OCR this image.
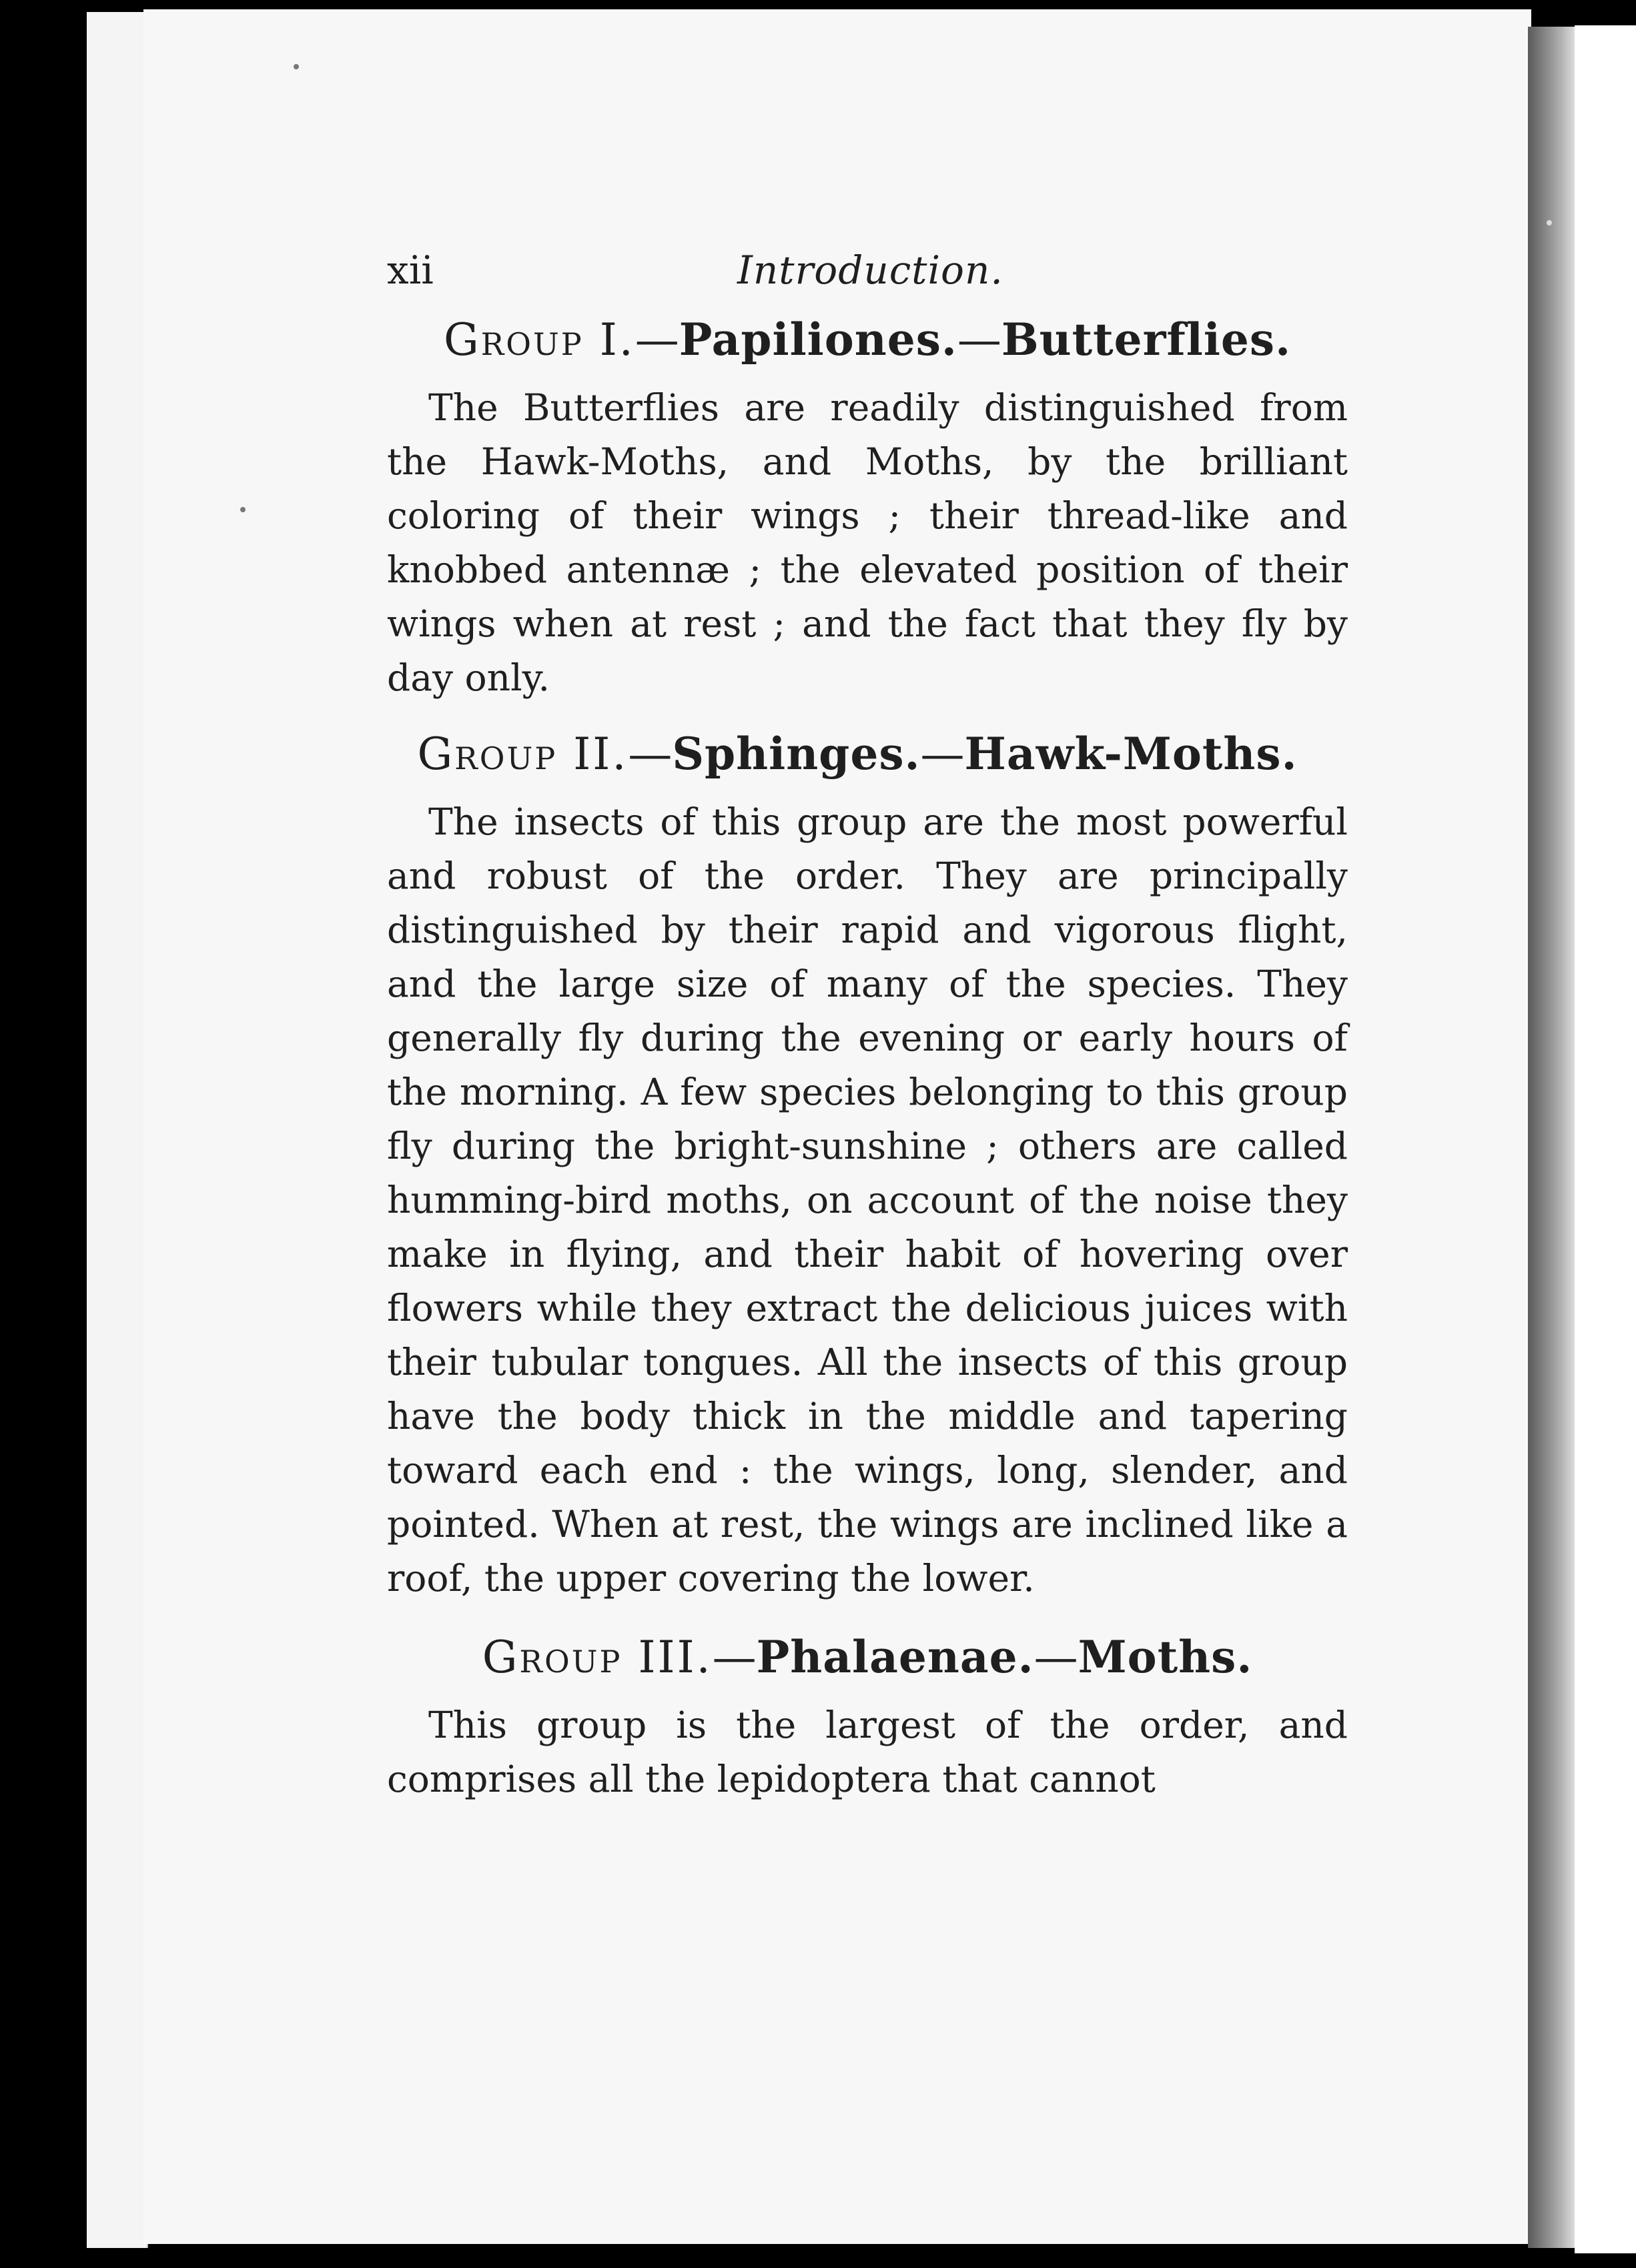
xii	Introduction.
Group I.—Papiliones.—Butterflies.

The Butterflies are readily distinguished from the Hawk-Moths, and Moths, by the brilliant coloring of their wings ; their thread-like and knobbed antennæ ; the elevated position of their wings when at rest ; and the fact that they fly by day only.

Group II.—Sphinges.—Hawk-Moths.

The insects of this group are the most powerful and robust of the order. They are principally distinguished by their rapid and vigorous flight, and the large size of many of the species. They generally fly during the evening or early hours of the morning. A few species belonging to this group fly during the bright-sunshine ; others are called humming-bird moths, on account of the noise they make in flying, and their habit of hovering over flowers while they extract the delicious juices with their tubular tongues. All the insects of this group have the body thick in the middle and tapering toward each end : the wings, long, slender, and pointed. When at rest, the wings are inclined like a roof, the upper covering the lower.

Group III.—Phalaenae.—Moths.

This group is the largest of the order, and comprises all the lepidoptera that cannot
